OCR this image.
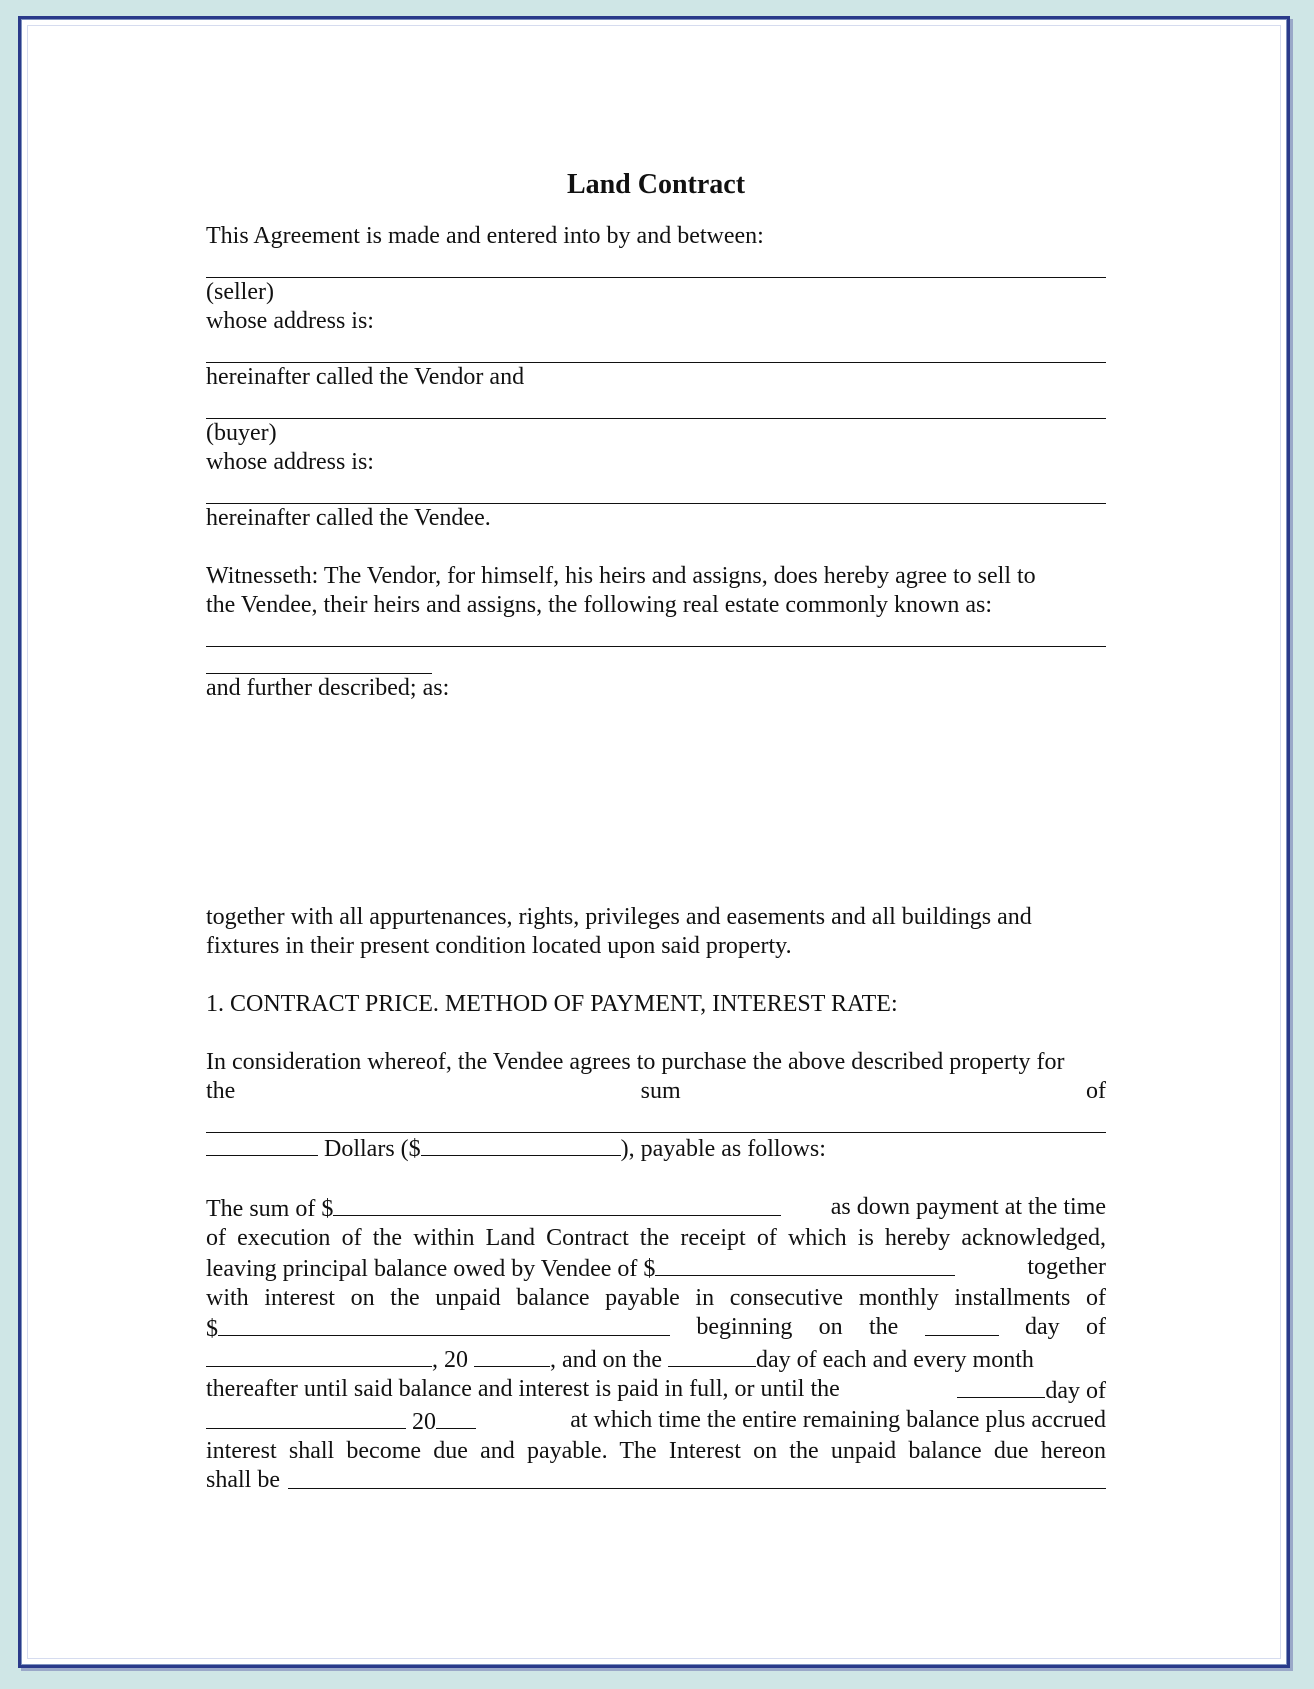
Land Contract
This Agreement is made and entered into by and between:
(seller)
whose address is:
hereinafter called the Vendor and
(buyer)
whose address is:
hereinafter called the Vendee.
Witnesseth: The Vendor, for himself, his heirs and assigns, does hereby agree to sell to
the Vendee, their heirs and assigns, the following real estate commonly known as:
and further described; as:
together with all appurtenances, rights, privileges and easements and all buildings and
fixtures in their present condition located upon said property.
1. CONTRACT PRICE. METHOD OF PAYMENT, INTEREST RATE:
In consideration whereof, the Vendee agrees to purchase the above described property for
the	sum	of
Dollars ($	), payable as follows:
The sum of $	as down payment at the time
of execution of the within Land Contract the receipt of which is hereby acknowledged,
leaving principal balance owed by Vendee of $	together
with interest on the unpaid balance payable in consecutive monthly installments of
$	beginning on the	day of
, 20	, and on the	day of each and every month
thereafter until said balance and interest is paid in full, or until the	day of
20	at which time the entire remaining balance plus accrued
interest shall become due and payable. The Interest on the unpaid balance due hereon
shall be
